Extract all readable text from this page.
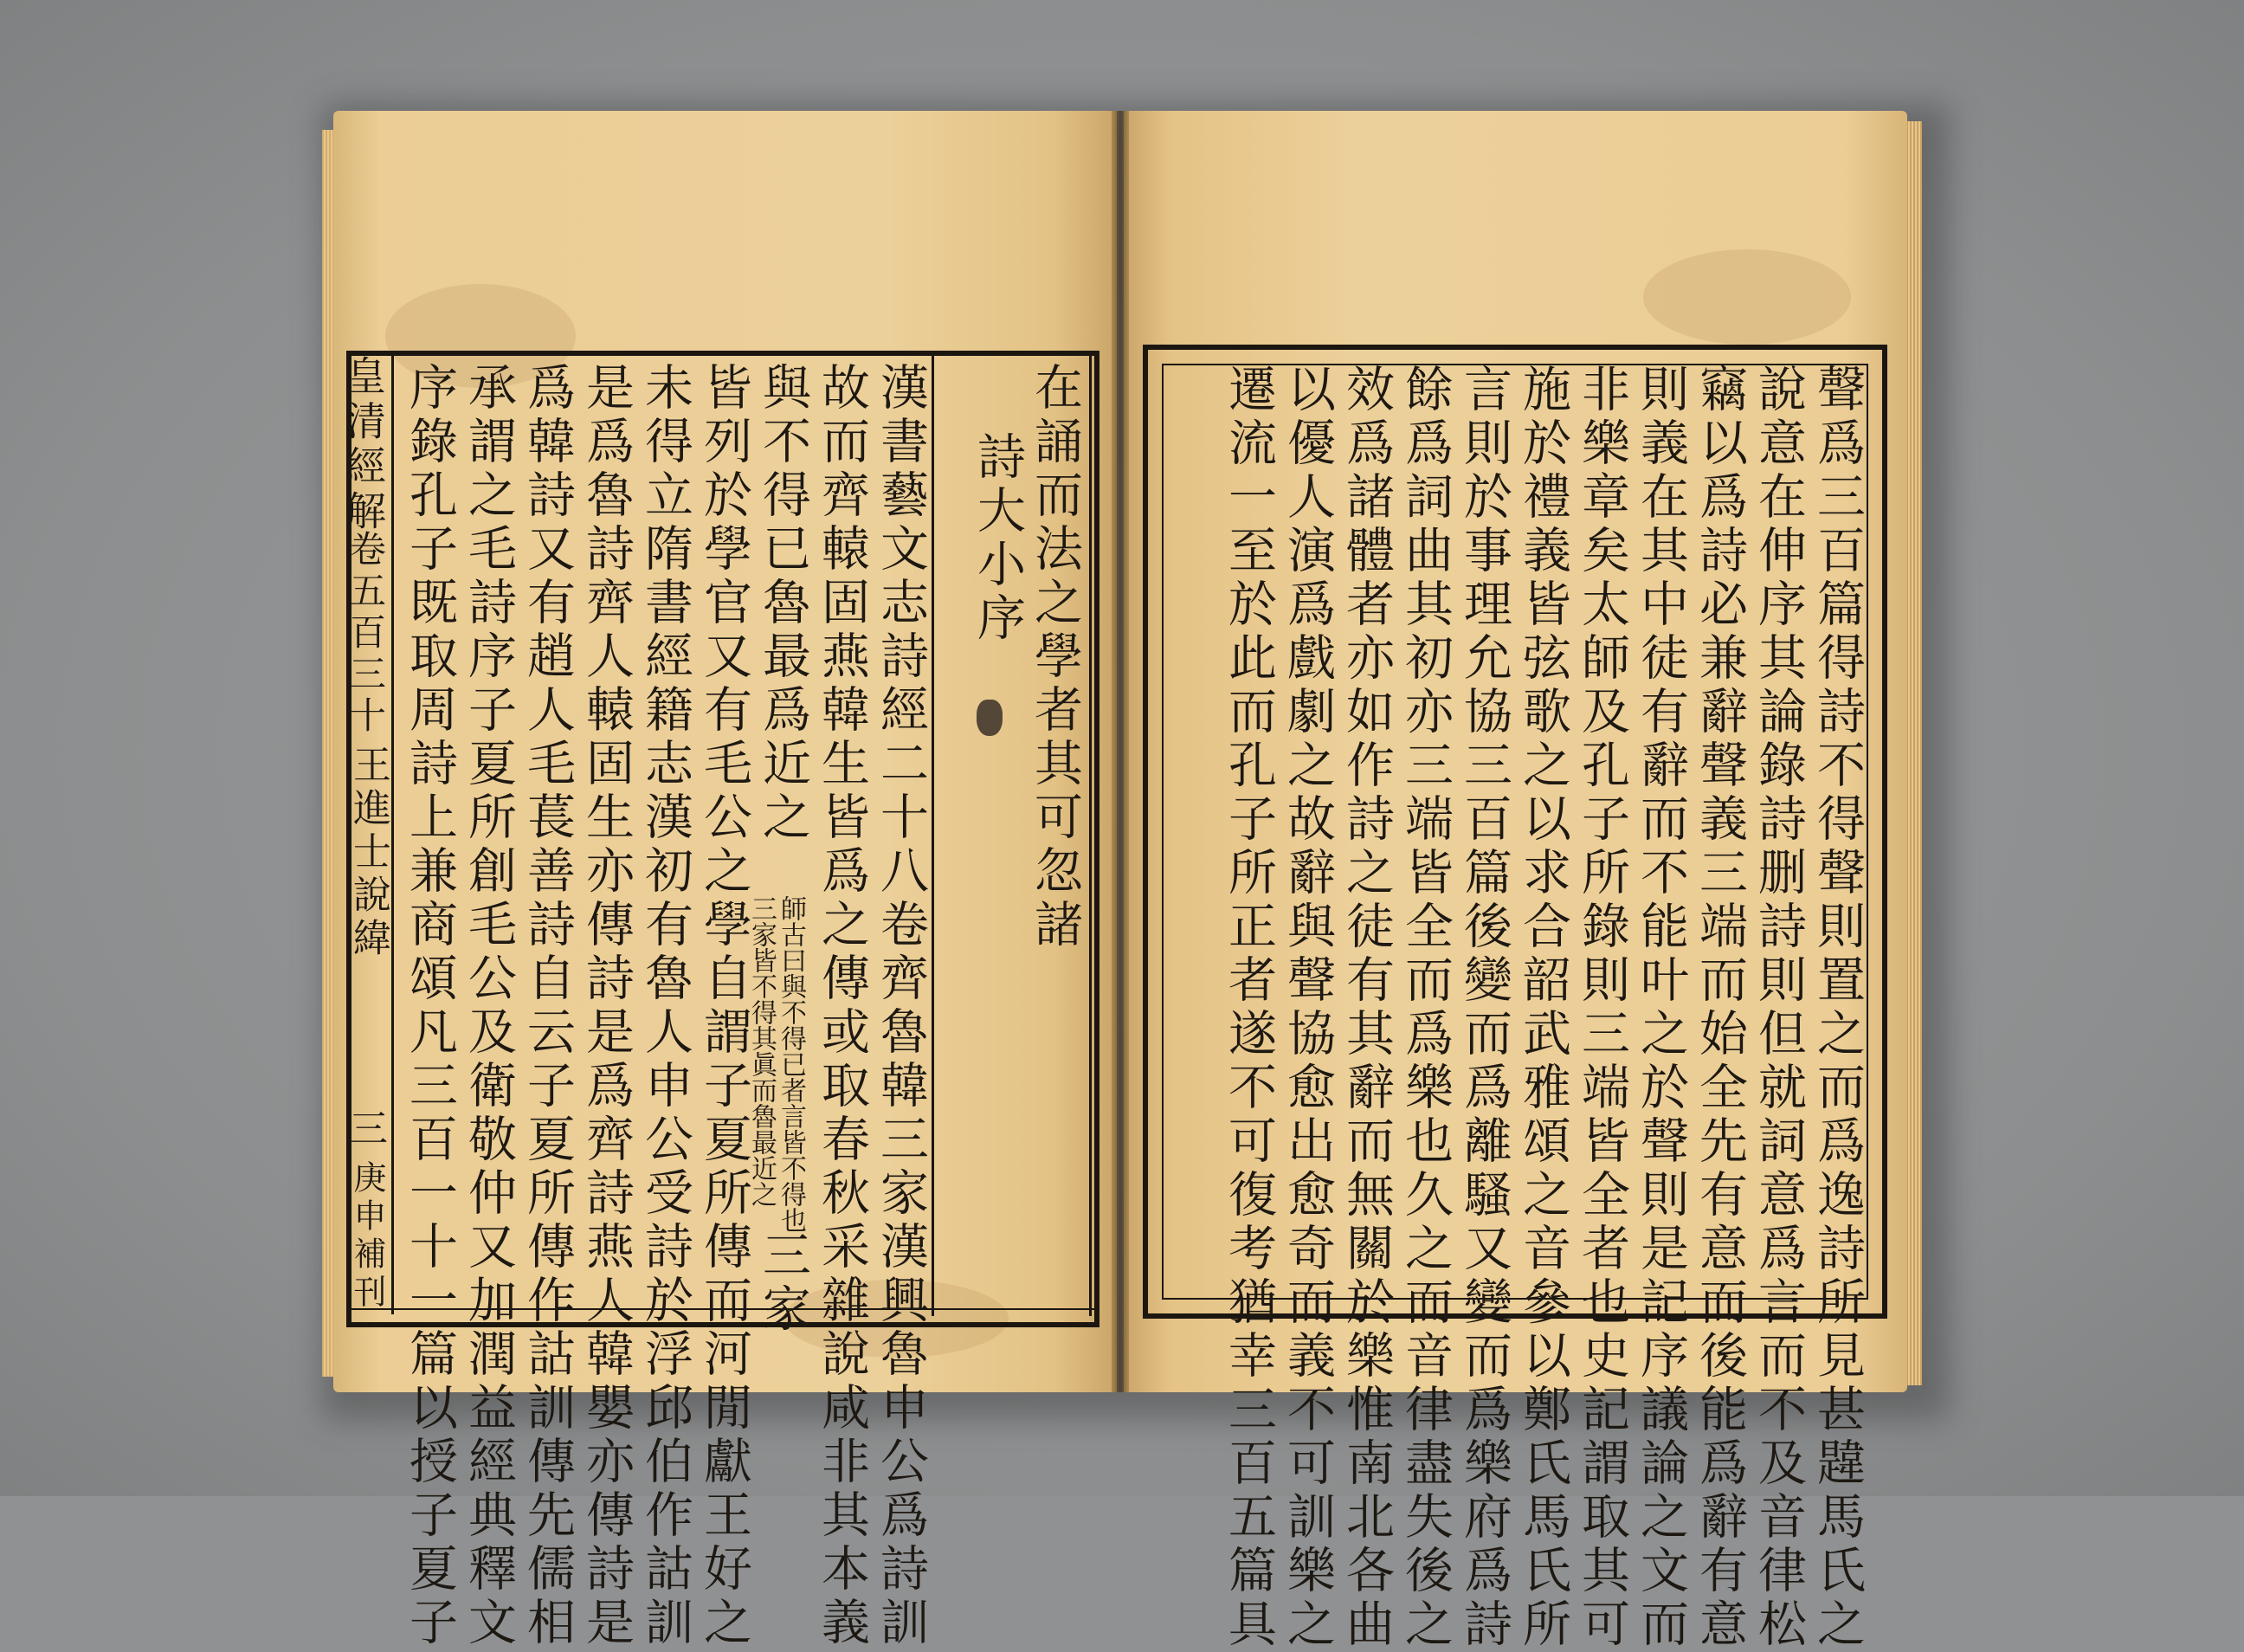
皇清經解
卷五百三十
王進士說緯
三
庚申補刊
在誦而法之學者其可忽諸
詩大小序
漢書藝文志詩經二十八卷齊魯韓三家漢興魯申公爲詩訓
故而齊轅固燕韓生皆爲之傳或取春秋采雜說咸非其本義
與不得已魯最爲近之
師古曰與不得已者言皆不得也
三家皆不得其眞而魯最近之
三家
皆列於學官又有毛公之學自謂子夏所傳而河閒獻王好之
未得立隋書經籍志漢初有魯人申公受詩於浮邱伯作詁訓
是爲魯詩齊人轅固生亦傳詩是爲齊詩燕人韓嬰亦傳詩是
爲韓詩又有趙人毛萇善詩自云子夏所傳作詁訓傳先儒相
承謂之毛詩序子夏所創毛公及衛敬仲又加潤益經典釋文
序錄孔子既取周詩上兼商頌凡三百一十一篇以授子夏子	聲爲三百篇得詩不得聲則置之而爲逸詩所見甚韙馬氏之
說意在伸序其論錄詩删詩則但就詞意爲言而不及音律松
竊以爲詩必兼辭聲義三端而始全先有意而後能爲辭有意
則義在其中徒有辭而不能叶之於聲則是記序議論之文而
非樂章矣太師及孔子所錄則三端皆全者也史記謂取其可
施於禮義皆弦歌之以求合韶武雅頌之音參以鄭氏馬氏所
言則於事理允協三百篇後變而爲離騷又變而爲樂府爲詩
餘爲詞曲其初亦三端皆全而爲樂也久之而音律盡失後之
效爲諸體者亦如作詩之徒有其辭而無關於樂惟南北各曲
以優人演爲戲劇之故辭與聲協愈出愈奇而義不可訓樂之
遷流一至於此而孔子所正者遂不可復考猶幸三百五篇具
